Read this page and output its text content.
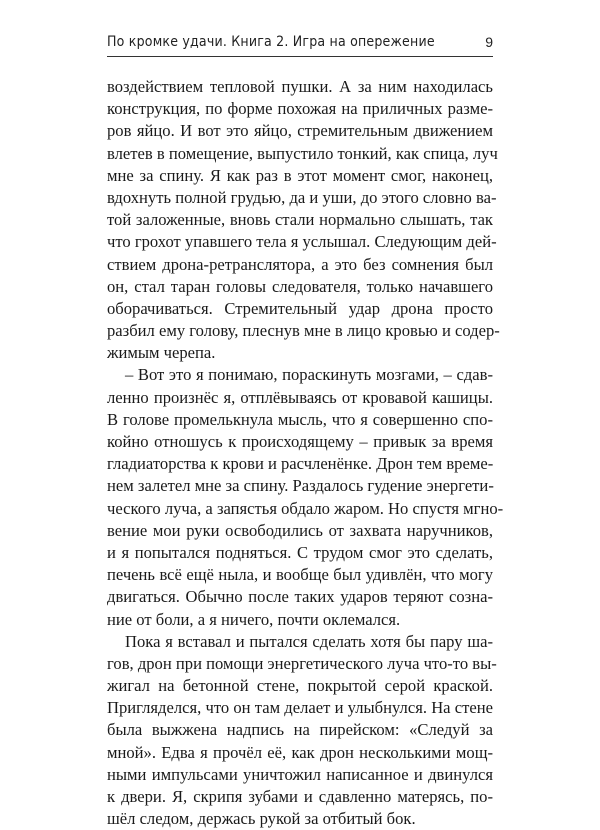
По кромке удачи. Книга 2. Игра на опережение	9
воздействием тепловой пушки. А за ним находилась
конструкция, по форме похожая на приличных разме-
ров яйцо. И вот это яйцо, стремительным движением
влетев в помещение, выпустило тонкий, как спица, луч
мне за спину. Я как раз в этот момент смог, наконец,
вдохнуть полной грудью, да и уши, до этого словно ва-
той заложенные, вновь стали нормально слышать, так
что грохот упавшего тела я услышал. Следующим дей-
ствием дрона-ретранслятора, а это без сомнения был
он, стал таран головы следователя, только начавшего
оборачиваться. Стремительный удар дрона просто
разбил ему голову, плеснув мне в лицо кровью и содер-
жимым черепа.
– Вот это я понимаю, пораскинуть мозгами, – сдав-
ленно произнёс я, отплёвываясь от кровавой кашицы.
В голове промелькнула мысль, что я совершенно спо-
койно отношусь к происходящему – привык за время
гладиаторства к крови и расчленёнке. Дрон тем време-
нем залетел мне за спину. Раздалось гудение энергети-
ческого луча, а запястья обдало жаром. Но спустя мгно-
вение мои руки освободились от захвата наручников,
и я попытался подняться. С трудом смог это сделать,
печень всё ещё ныла, и вообще был удивлён, что могу
двигаться. Обычно после таких ударов теряют созна-
ние от боли, а я ничего, почти оклемался.
Пока я вставал и пытался сделать хотя бы пару ша-
гов, дрон при помощи энергетического луча что-то вы-
жигал на бетонной стене, покрытой серой краской.
Пригляделся, что он там делает и улыбнулся. На стене
была выжжена надпись на пирейском: «Следуй за
мной». Едва я прочёл её, как дрон несколькими мощ-
ными импульсами уничтожил написанное и двинулся
к двери. Я, скрипя зубами и сдавленно матерясь, по-
шёл следом, держась рукой за отбитый бок.
